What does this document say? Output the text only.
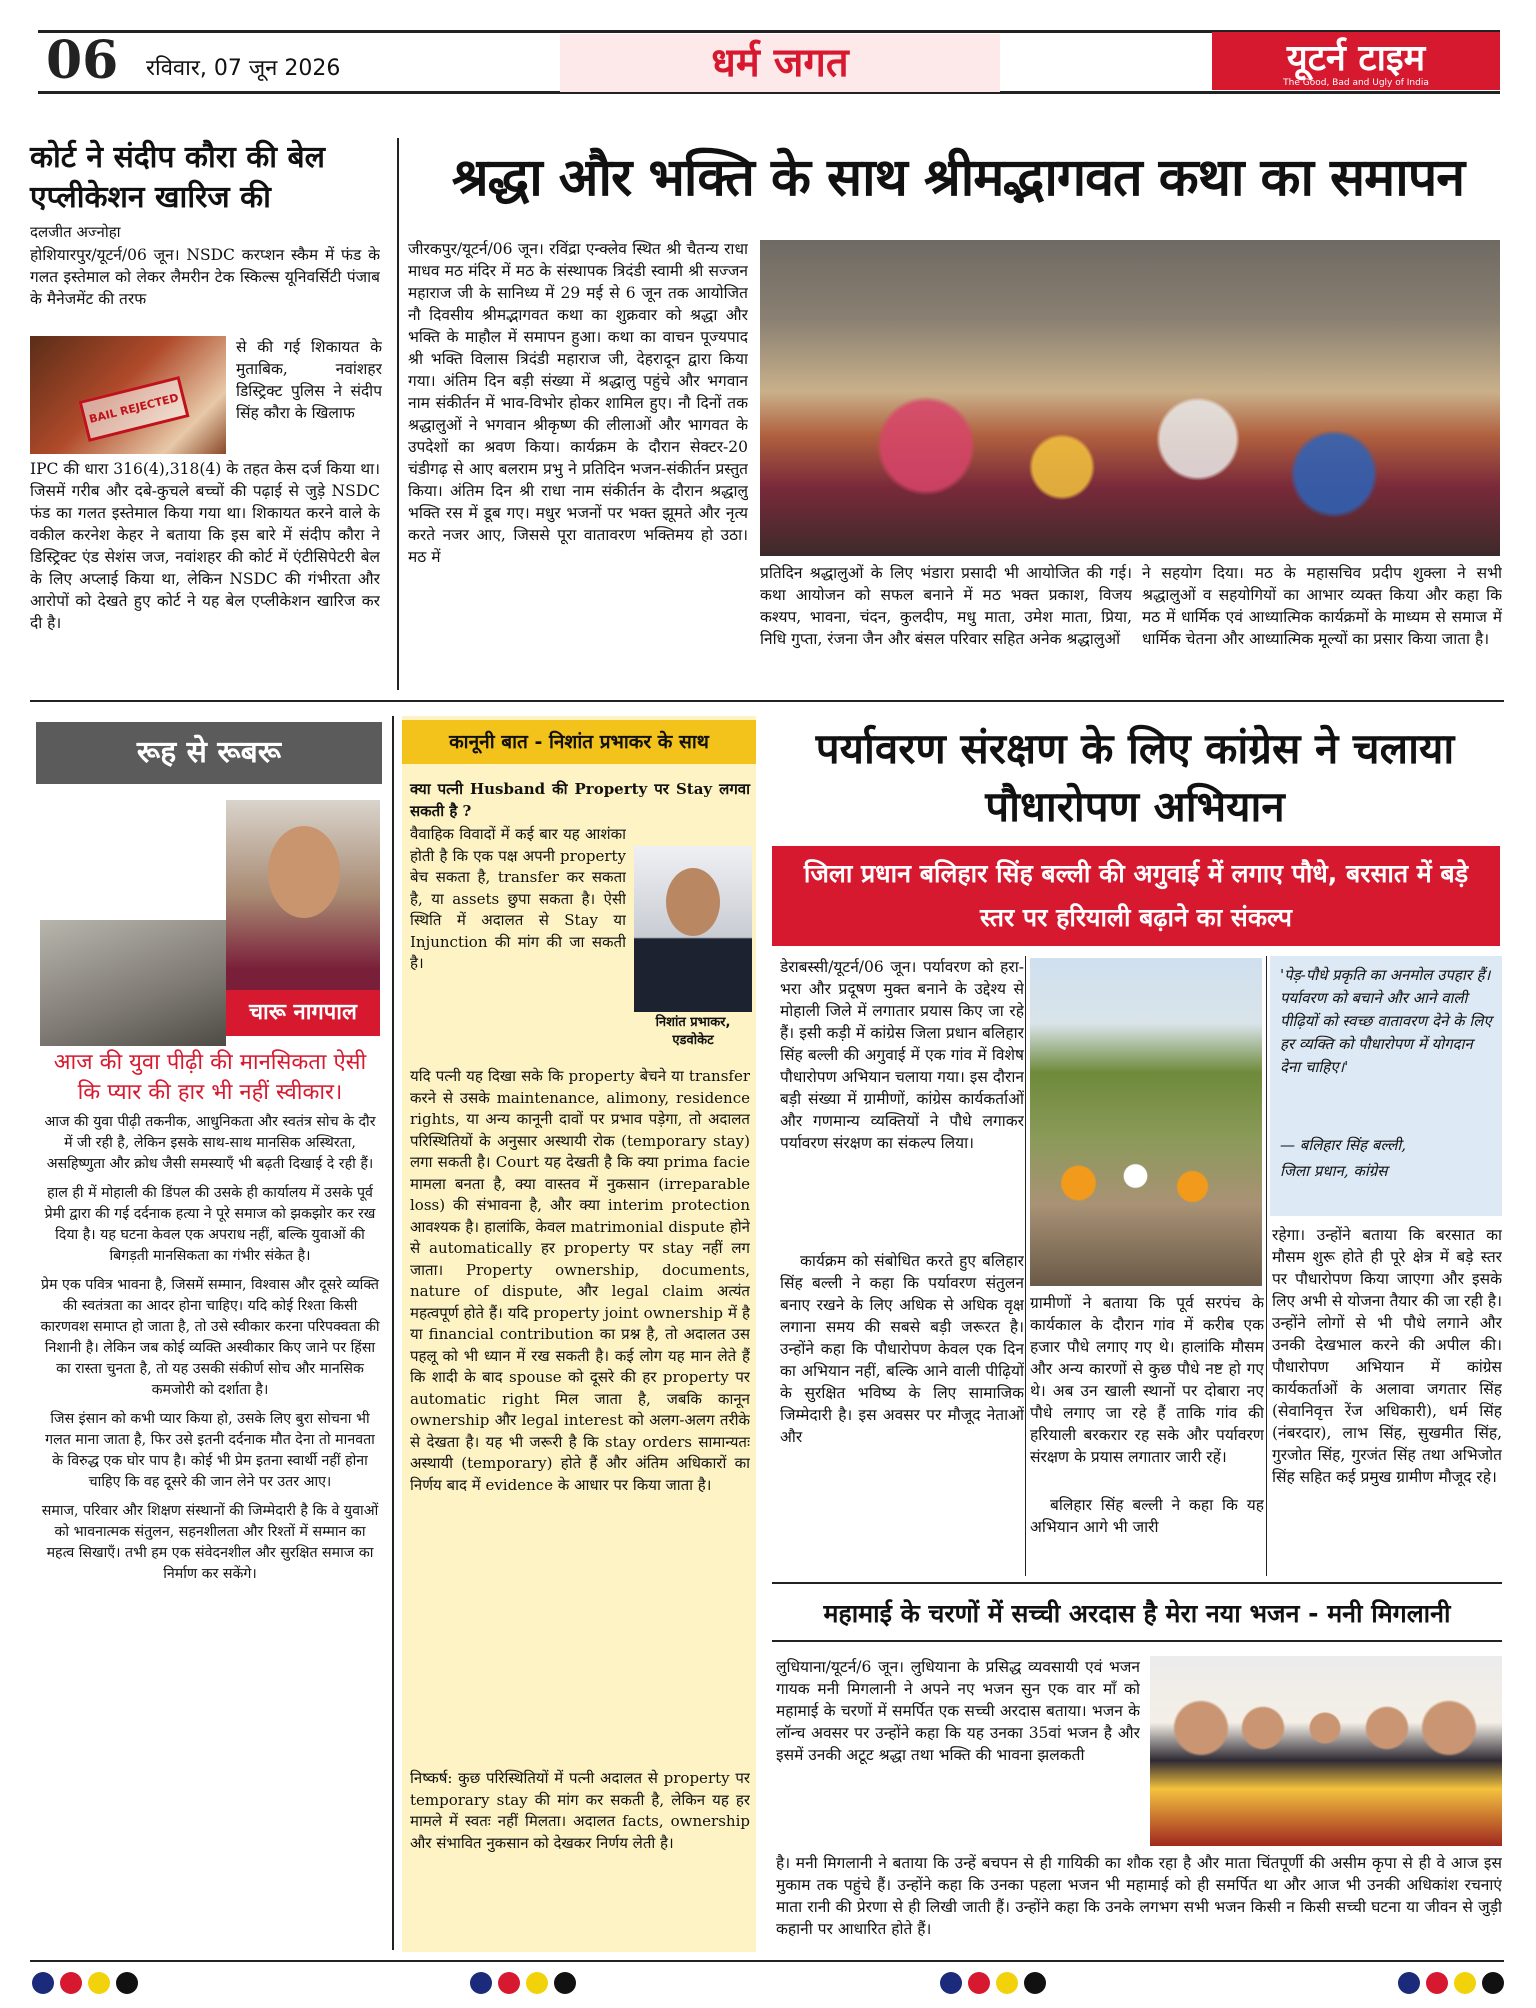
06 रविवार, 07 जून 2026	धर्म जगत	यूटर्न टाइम
The Good, Bad and Ugly of India
कोर्ट ने संदीप कौरा की बेल एप्लीकेशन खारिज की
दलजीत अज्नोहा
होशियारपुर/यूटर्न/06 जून। NSDC करप्शन स्कैम में फंड के गलत इस्तेमाल को लेकर लैमरीन टेक स्किल्स यूनिवर्सिटी पंजाब के मैनेजमेंट की तरफ
BAIL REJECTED
से की गई शिकायत के मुताबिक, नवांशहर डिस्ट्रिक्ट पुलिस ने संदीप सिंह कौरा के खिलाफ
IPC की धारा 316(4),318(4) के तहत केस दर्ज किया था। जिसमें गरीब और दबे-कुचले बच्चों की पढ़ाई से जुड़े NSDC फंड का गलत इस्तेमाल किया गया था। शिकायत करने वाले के वकील करनेश केहर ने बताया कि इस बारे में संदीप कौरा ने डिस्ट्रिक्ट एंड सेशंस जज, नवांशहर की कोर्ट में एंटीसिपेटरी बेल के लिए अप्लाई किया था, लेकिन NSDC की गंभीरता और आरोपों को देखते हुए कोर्ट ने यह बेल एप्लीकेशन खारिज कर दी है।
श्रद्धा और भक्ति के साथ श्रीमद्भागवत कथा का समापन
जीरकपुर/यूटर्न/06 जून। रविंद्रा एन्क्लेव स्थित श्री चैतन्य राधा माधव मठ मंदिर में मठ के संस्थापक त्रिदंडी स्वामी श्री सज्जन महाराज जी के सानिध्य में 29 मई से 6 जून तक आयोजित नौ दिवसीय श्रीमद्भागवत कथा का शुक्रवार को श्रद्धा और भक्ति के माहौल में समापन हुआ। कथा का वाचन पूज्यपाद श्री भक्ति विलास त्रिदंडी महाराज जी, देहरादून द्वारा किया गया। अंतिम दिन बड़ी संख्या में श्रद्धालु पहुंचे और भगवान नाम संकीर्तन में भाव-विभोर होकर शामिल हुए। नौ दिनों तक श्रद्धालुओं ने भगवान श्रीकृष्ण की लीलाओं और भागवत के उपदेशों का श्रवण किया। कार्यक्रम के दौरान सेक्टर-20 चंडीगढ़ से आए बलराम प्रभु ने प्रतिदिन भजन-संकीर्तन प्रस्तुत किया। अंतिम दिन श्री राधा नाम संकीर्तन के दौरान श्रद्धालु भक्ति रस में डूब गए। मधुर भजनों पर भक्त झूमते और नृत्य करते नजर आए, जिससे पूरा वातावरण भक्तिमय हो उठा। मठ में
प्रतिदिन श्रद्धालुओं के लिए भंडारा प्रसादी भी आयोजित की गई। कथा आयोजन को सफल बनाने में मठ भक्त प्रकाश, विजय कश्यप, भावना, चंदन, कुलदीप, मधु माता, उमेश माता, प्रिया, निधि गुप्ता, रंजना जैन और बंसल परिवार सहित अनेक श्रद्धालुओं
ने सहयोग दिया। मठ के महासचिव प्रदीप शुक्ला ने सभी श्रद्धालुओं व सहयोगियों का आभार व्यक्त किया और कहा कि मठ में धार्मिक एवं आध्यात्मिक कार्यक्रमों के माध्यम से समाज में धार्मिक चेतना और आध्यात्मिक मूल्यों का प्रसार किया जाता है।
रूह से रूबरू
चारू नागपाल
आज की युवा पीढ़ी की मानसिकता ऐसी कि प्यार की हार भी नहीं स्वीकार।

आज की युवा पीढ़ी तकनीक, आधुनिकता और स्वतंत्र सोच के दौर में जी रही है, लेकिन इसके साथ-साथ मानसिक अस्थिरता, असहिष्णुता और क्रोध जैसी समस्याएँ भी बढ़ती दिखाई दे रही हैं।

हाल ही में मोहाली की डिंपल की उसके ही कार्यालय में उसके पूर्व प्रेमी द्वारा की गई दर्दनाक हत्या ने पूरे समाज को झकझोर कर रख दिया है। यह घटना केवल एक अपराध नहीं, बल्कि युवाओं की बिगड़ती मानसिकता का गंभीर संकेत है।

प्रेम एक पवित्र भावना है, जिसमें सम्मान, विश्वास और दूसरे व्यक्ति की स्वतंत्रता का आदर होना चाहिए। यदि कोई रिश्ता किसी कारणवश समाप्त हो जाता है, तो उसे स्वीकार करना परिपक्वता की निशानी है। लेकिन जब कोई व्यक्ति अस्वीकार किए जाने पर हिंसा का रास्ता चुनता है, तो यह उसकी संकीर्ण सोच और मानसिक कमजोरी को दर्शाता है।

जिस इंसान को कभी प्यार किया हो, उसके लिए बुरा सोचना भी गलत माना जाता है, फिर उसे इतनी दर्दनाक मौत देना तो मानवता के विरुद्ध एक घोर पाप है। कोई भी प्रेम इतना स्वार्थी नहीं होना चाहिए कि वह दूसरे की जान लेने पर उतर आए।

समाज, परिवार और शिक्षण संस्थानों की जिम्मेदारी है कि वे युवाओं को भावनात्मक संतुलन, सहनशीलता और रिश्तों में सम्मान का महत्व सिखाएँ। तभी हम एक संवेदनशील और सुरक्षित समाज का निर्माण कर सकेंगे।

कानूनी बात - निशांत प्रभाकर के साथ
क्या पत्नी Husband की Property पर Stay लगवा सकती है ?
वैवाहिक विवादों में कई बार यह आशंका होती है कि एक पक्ष अपनी property बेच सकता है, transfer कर सकता है, या assets छुपा सकता है। ऐसी स्थिति में अदालत से Stay या Injunction की मांग की जा सकती है।
निशांत प्रभाकर, एडवोकेट
यदि पत्नी यह दिखा सके कि property बेचने या transfer करने से उसके maintenance, alimony, residence rights, या अन्य कानूनी दावों पर प्रभाव पड़ेगा, तो अदालत परिस्थितियों के अनुसार अस्थायी रोक (temporary stay) लगा सकती है। Court यह देखती है कि क्या prima facie मामला बनता है, क्या वास्तव में नुकसान (irreparable loss) की संभावना है, और क्या interim protection आवश्यक है। हालांकि, केवल matrimonial dispute होने से automatically हर property पर stay नहीं लग जाता। Property ownership, documents, nature of dispute, और legal claim अत्यंत महत्वपूर्ण होते हैं। यदि property joint ownership में है या financial contribution का प्रश्न है, तो अदालत उस पहलू को भी ध्यान में रख सकती है। कई लोग यह मान लेते हैं कि शादी के बाद spouse को दूसरे की हर property पर automatic right मिल जाता है, जबकि कानून ownership और legal interest को अलग-अलग तरीके से देखता है। यह भी जरूरी है कि stay orders सामान्यतः अस्थायी (temporary) होते हैं और अंतिम अधिकारों का निर्णय बाद में evidence के आधार पर किया जाता है।
निष्कर्ष: कुछ परिस्थितियों में पत्नी अदालत से property पर temporary stay की मांग कर सकती है, लेकिन यह हर मामले में स्वतः नहीं मिलता। अदालत facts, ownership और संभावित नुकसान को देखकर निर्णय लेती है।
पर्यावरण संरक्षण के लिए कांग्रेस ने चलाया पौधारोपण अभियान
जिला प्रधान बलिहार सिंह बल्ली की अगुवाई में लगाए पौधे, बरसात में बड़े स्तर पर हरियाली बढ़ाने का संकल्प
डेराबस्सी/यूटर्न/06 जून। पर्यावरण को हरा-भरा और प्रदूषण मुक्त बनाने के उद्देश्य से मोहाली जिले में लगातार प्रयास किए जा रहे हैं। इसी कड़ी में कांग्रेस जिला प्रधान बलिहार सिंह बल्ली की अगुवाई में एक गांव में विशेष पौधारोपण अभियान चलाया गया। इस दौरान बड़ी संख्या में ग्रामीणों, कांग्रेस कार्यकर्ताओं और गणमान्य व्यक्तियों ने पौधे लगाकर पर्यावरण संरक्षण का संकल्प लिया।
कार्यक्रम को संबोधित करते हुए बलिहार सिंह बल्ली ने कहा कि पर्यावरण संतुलन बनाए रखने के लिए अधिक से अधिक वृक्ष लगाना समय की सबसे बड़ी जरूरत है। उन्होंने कहा कि पौधारोपण केवल एक दिन का अभियान नहीं, बल्कि आने वाली पीढ़ियों के सुरक्षित भविष्य के लिए सामाजिक जिम्मेदारी है। इस अवसर पर मौजूद नेताओं और
ग्रामीणों ने बताया कि पूर्व सरपंच के कार्यकाल के दौरान गांव में करीब एक हजार पौधे लगाए गए थे। हालांकि मौसम और अन्य कारणों से कुछ पौधे नष्ट हो गए थे। अब उन खाली स्थानों पर दोबारा नए पौधे लगाए जा रहे हैं ताकि गांव की हरियाली बरकरार रह सके और पर्यावरण संरक्षण के प्रयास लगातार जारी रहें।
बलिहार सिंह बल्ली ने कहा कि यह अभियान आगे भी जारी
'पेड़-पौधे प्रकृति का अनमोल उपहार हैं। पर्यावरण को बचाने और आने वाली पीढ़ियों को स्वच्छ वातावरण देने के लिए हर व्यक्ति को पौधारोपण में योगदान देना चाहिए।'
— बलिहार सिंह बल्ली,
जिला प्रधान, कांग्रेस
रहेगा। उन्होंने बताया कि बरसात का मौसम शुरू होते ही पूरे क्षेत्र में बड़े स्तर पर पौधारोपण किया जाएगा और इसके लिए अभी से योजना तैयार की जा रही है। उन्होंने लोगों से भी पौधे लगाने और उनकी देखभाल करने की अपील की। पौधारोपण अभियान में कांग्रेस कार्यकर्ताओं के अलावा जगतार सिंह (सेवानिवृत्त रेंज अधिकारी), धर्म सिंह (नंबरदार), लाभ सिंह, सुखमीत सिंह, गुरजोत सिंह, गुरजंत सिंह तथा अभिजोत सिंह सहित कई प्रमुख ग्रामीण मौजूद रहे।
महामाई के चरणों में सच्ची अरदास है मेरा नया भजन - मनी मिगलानी
लुधियाना/यूटर्न/6 जून। लुधियाना के प्रसिद्ध व्यवसायी एवं भजन गायक मनी मिगलानी ने अपने नए भजन सुन एक वार माँ को महामाई के चरणों में समर्पित एक सच्ची अरदास बताया। भजन के लॉन्च अवसर पर उन्होंने कहा कि यह उनका 35वां भजन है और इसमें उनकी अटूट श्रद्धा तथा भक्ति की भावना झलकती
है। मनी मिगलानी ने बताया कि उन्हें बचपन से ही गायिकी का शौक रहा है और माता चिंतपूर्णी की असीम कृपा से ही वे आज इस मुकाम तक पहुंचे हैं। उन्होंने कहा कि उनका पहला भजन भी महामाई को ही समर्पित था और आज भी उनकी अधिकांश रचनाएं माता रानी की प्रेरणा से ही लिखी जाती हैं। उन्होंने कहा कि उनके लगभग सभी भजन किसी न किसी सच्ची घटना या जीवन से जुड़ी कहानी पर आधारित होते हैं।
